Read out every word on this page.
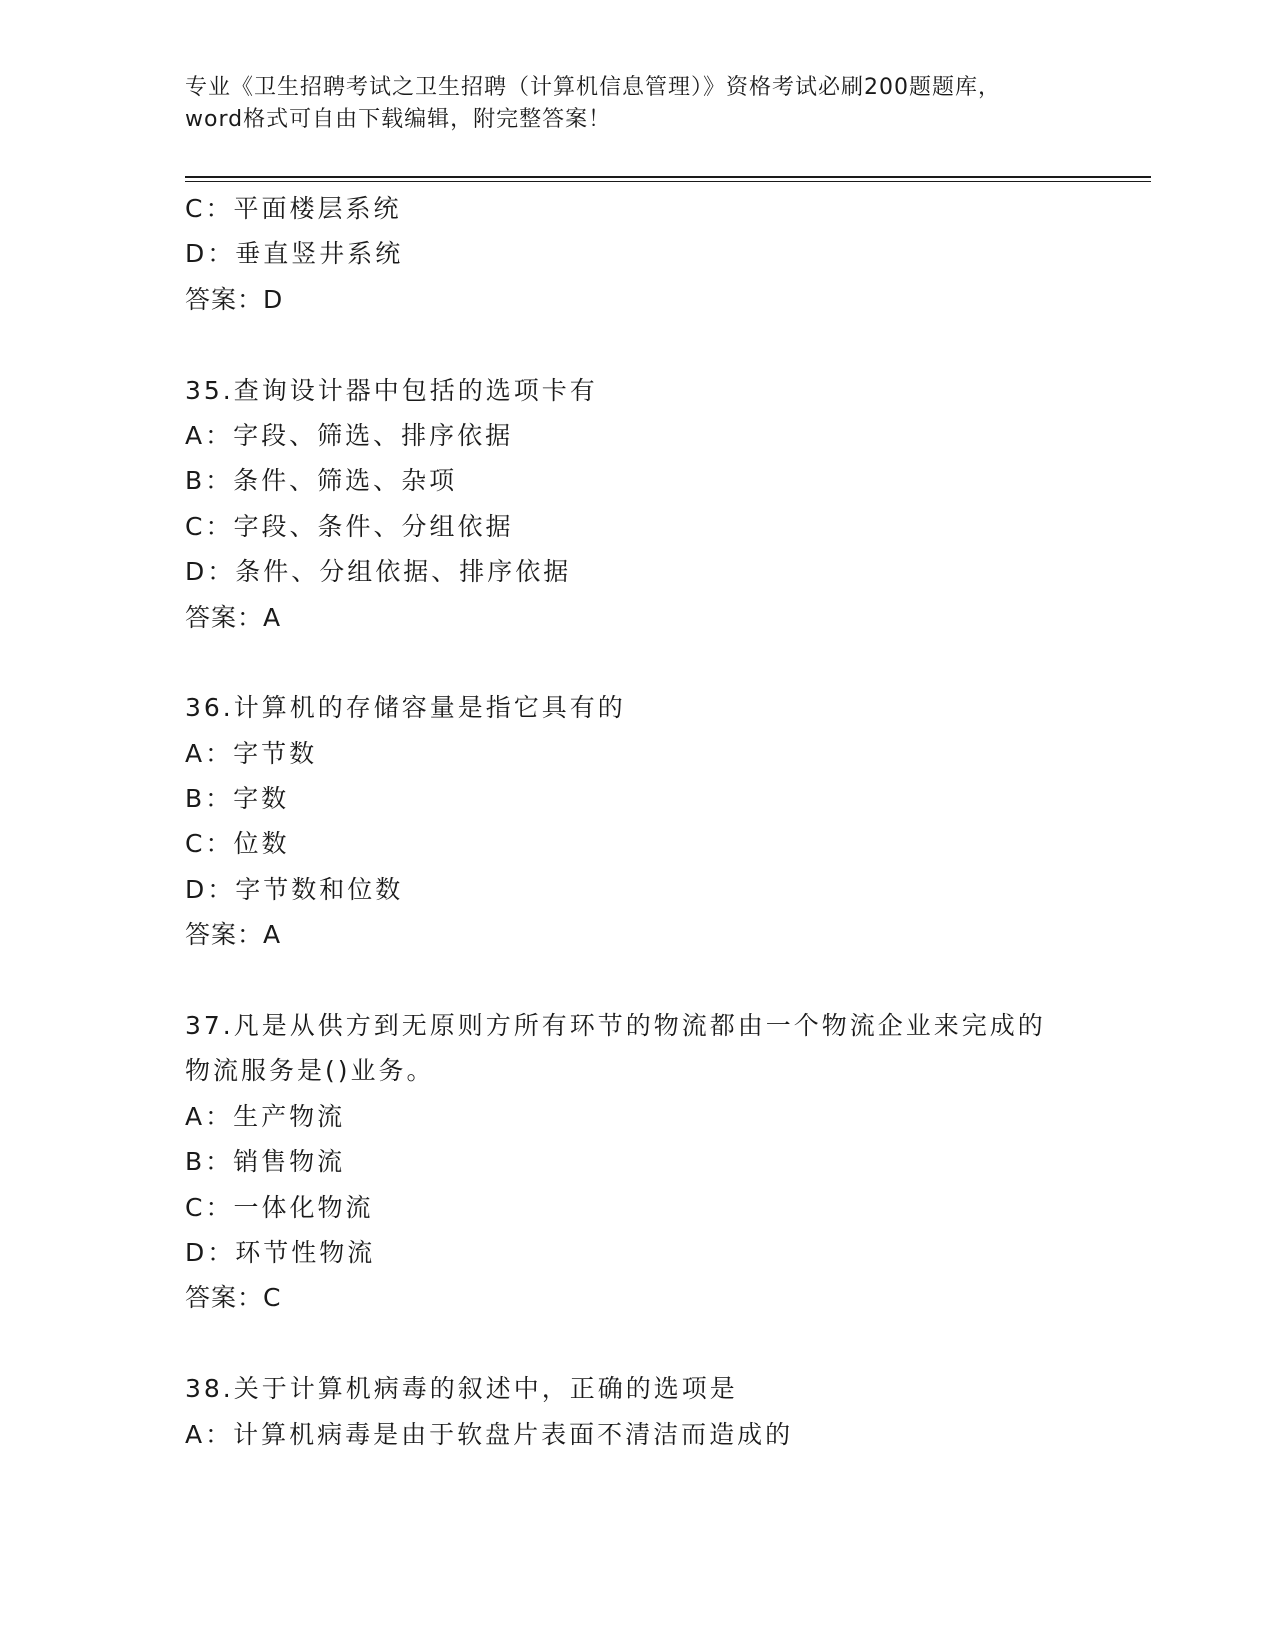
专业《卫生招聘考试之卫生招聘（计算机信息管理）》资格考试必刷200题题库，
word格式可自由下载编辑，附完整答案！
C：平面楼层系统
D：垂直竖井系统
答案：D
35.查询设计器中包括的选项卡有
A：字段、筛选、排序依据
B：条件、筛选、杂项
C：字段、条件、分组依据
D：条件、分组依据、排序依据
答案：A
36.计算机的存储容量是指它具有的
A：字节数
B：字数
C：位数
D：字节数和位数
答案：A
37.凡是从供方到无原则方所有环节的物流都由一个物流企业来完成的
物流服务是()业务。
A：生产物流
B：销售物流
C：一体化物流
D：环节性物流
答案：C
38.关于计算机病毒的叙述中，正确的选项是
A：计算机病毒是由于软盘片表面不清洁而造成的
